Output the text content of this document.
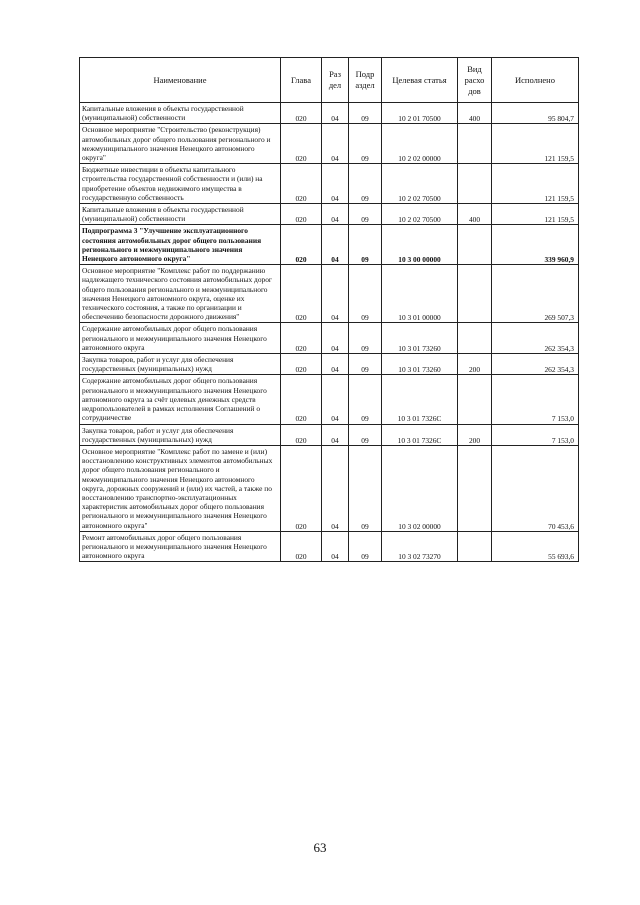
Наименование	Глава	Раз дел	Подр аздел	Целевая статья	Вид расхо дов	Исполнено
Капитальные вложения в объекты государственной (муниципальной) собственности	020	04	09	10 2 01 70500	400	95 804,7
Основное мероприятие "Строительство (реконструкция) автомобильных дорог общего пользования регионального и межмуниципального значения Ненецкого автономного округа"	020	04	09	10 2 02 00000		121 159,5
Бюджетные инвестиции в объекты капитального строительства государственной собственности и (или) на приобретение объектов недвижимого имущества в государственную собственность	020	04	09	10 2 02 70500		121 159,5
Капитальные вложения в объекты государственной (муниципальной) собственности	020	04	09	10 2 02 70500	400	121 159,5
Подпрограмма 3 "Улучшение эксплуатационного состояния автомобильных дорог общего пользования регионального и межмуниципального значения Ненецкого автономного округа"	020	04	09	10 3 00 00000		339 960,9
Основное мероприятие "Комплекс работ по поддержанию надлежащего технического состояния автомобильных дорог общего пользования регионального и межмуниципального значения Ненецкого автономного округа, оценке их технического состояния, а также по организации и обеспечению безопасности дорожного движения"	020	04	09	10 3 01 00000		269 507,3
Содержание автомобильных дорог общего пользования регионального и межмуниципального значения Ненецкого автономного округа	020	04	09	10 3 01 73260		262 354,3
Закупка товаров, работ и услуг для обеспечения государственных (муниципальных) нужд	020	04	09	10 3 01 73260	200	262 354,3
Содержание автомобильных дорог общего пользования регионального и межмуниципального значения Ненецкого автономного округа за счёт целевых денежных средств недропользователей в рамках исполнения Соглашений о сотрудничестве	020	04	09	10 3 01 7326С		7 153,0
Закупка товаров, работ и услуг для обеспечения государственных (муниципальных) нужд	020	04	09	10 3 01 7326С	200	7 153,0
Основное мероприятие "Комплекс работ по замене и (или) восстановлению конструктивных элементов автомобильных дорог общего пользования регионального и межмуниципального значения Ненецкого автономного округа, дорожных сооружений и (или) их частей, а также по восстановлению транспортно-эксплуатационных характеристик автомобильных дорог общего пользования регионального и межмуниципального значения Ненецкого автономного округа"	020	04	09	10 3 02 00000		70 453,6
Ремонт автомобильных дорог общего пользования регионального и межмуниципального значения Ненецкого автономного округа	020	04	09	10 3 02 73270		55 693,6
63
